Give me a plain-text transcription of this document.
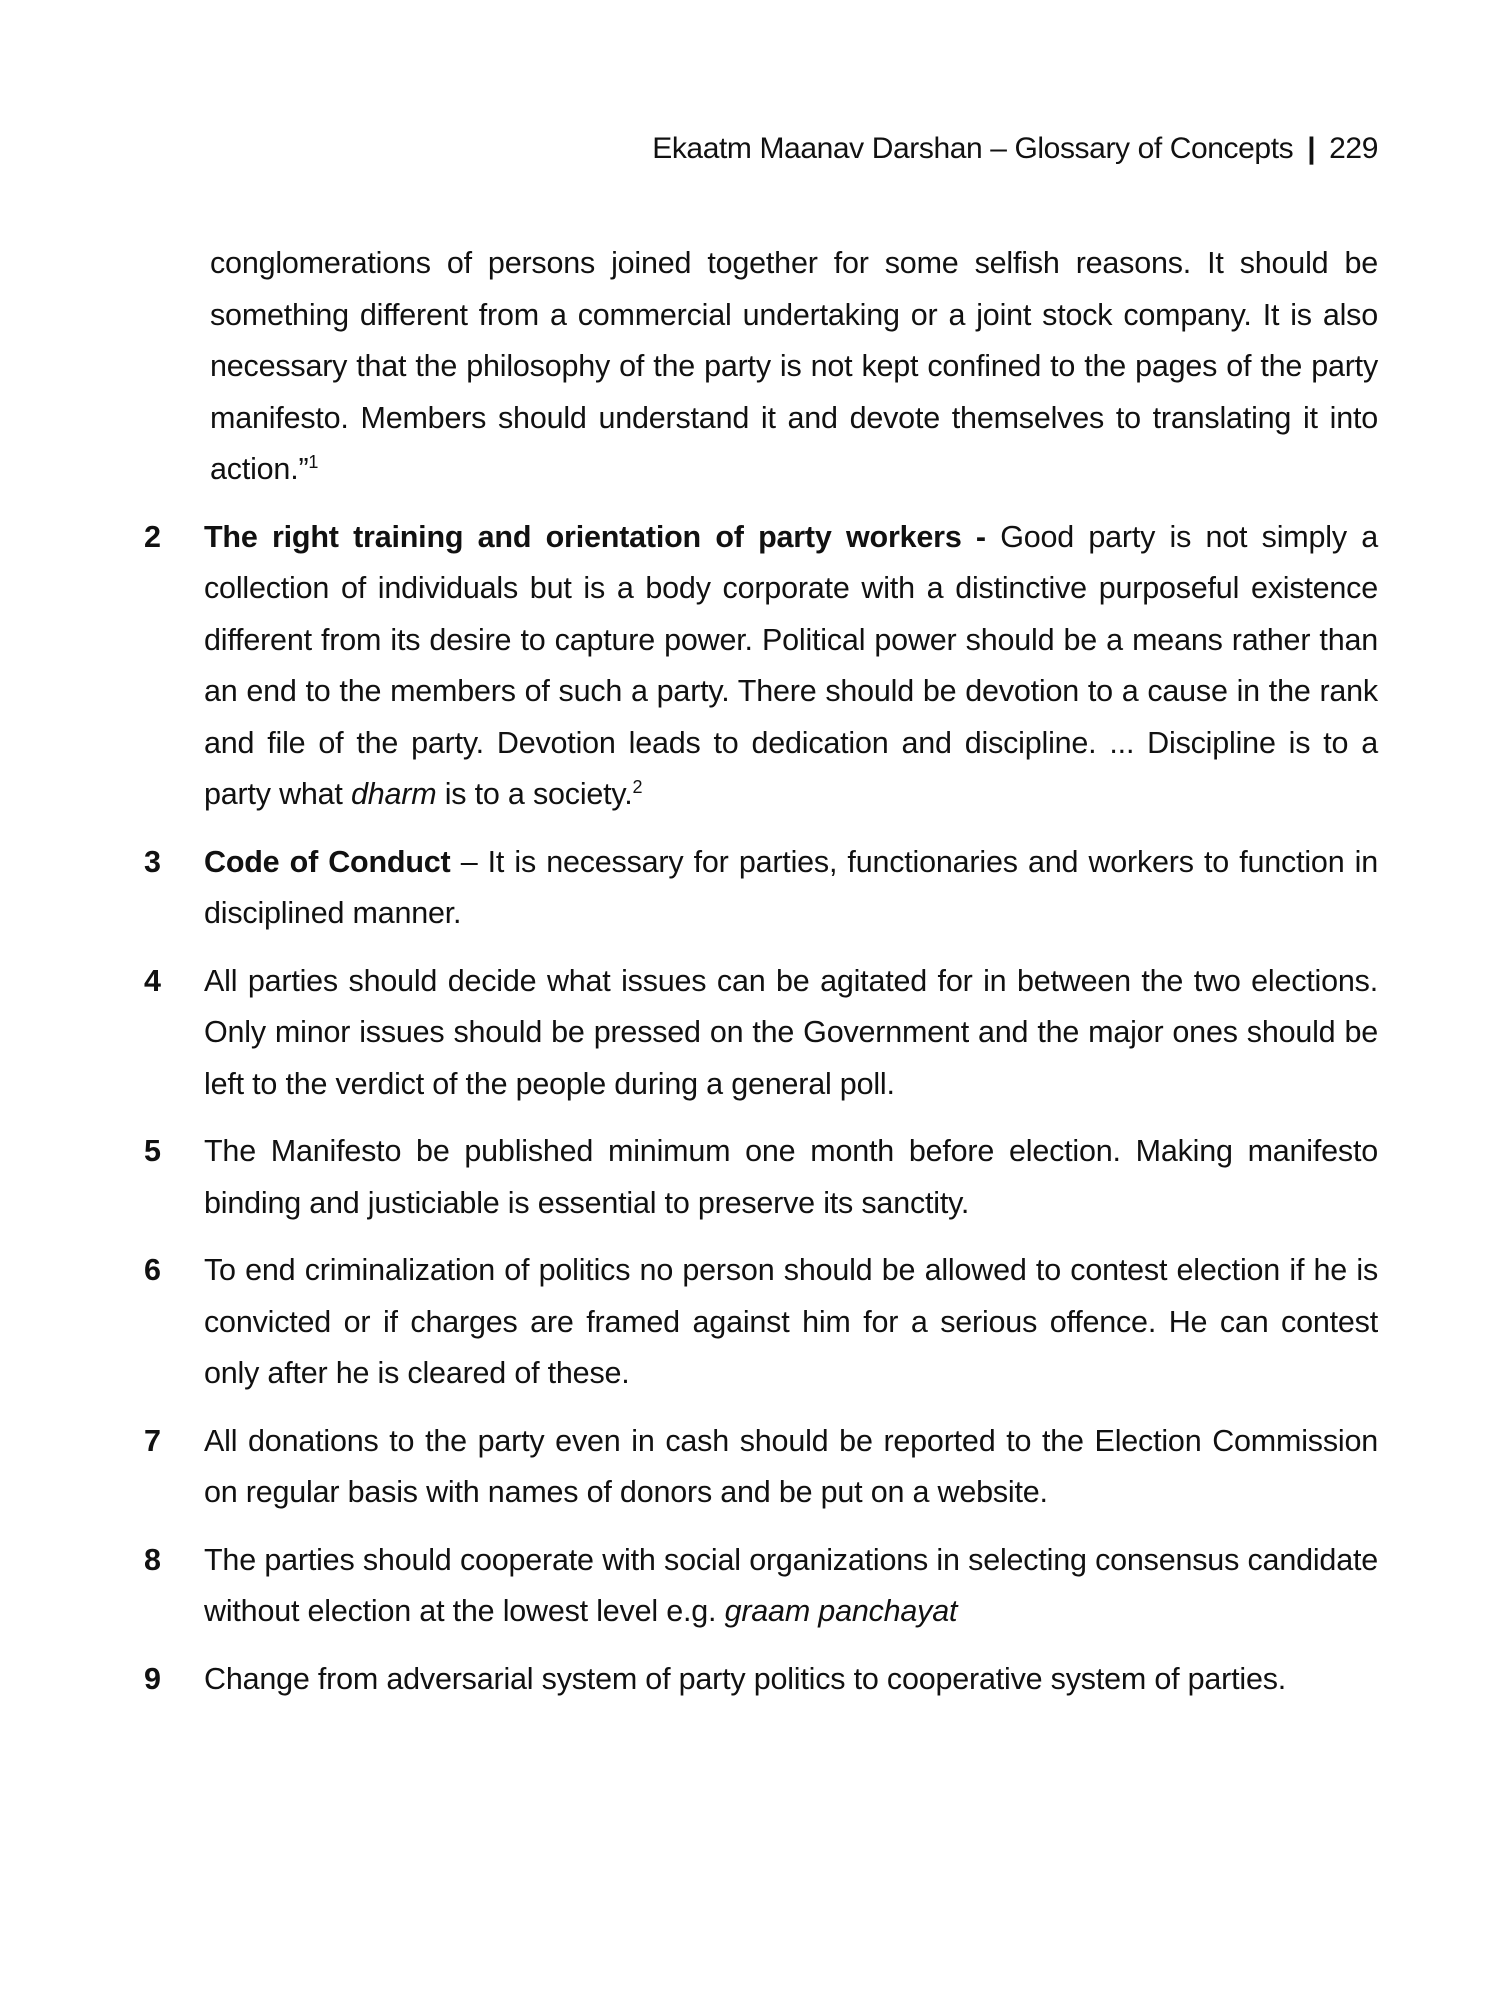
Ekaatm Maanav Darshan – Glossary of Concepts | 229
conglomerations of persons joined together for some selfish reasons. It should be something different from a commercial undertaking or a joint stock company. It is also necessary that the philosophy of the party is not kept confined to the pages of the party manifesto. Members should understand it and devote themselves to translating it into action.”$^1$
2	The right training and orientation of party workers - Good party is not simply a collection of individuals but is a body corporate with a distinctive purposeful existence different from its desire to capture power. Political power should be a means rather than an end to the members of such a party. There should be devotion to a cause in the rank and file of the party. Devotion leads to dedication and discipline. ... Discipline is to a party what dharm is to a society.$^2$
3	Code of Conduct – It is necessary for parties, functionaries and workers to function in disciplined manner.
4	All parties should decide what issues can be agitated for in between the two elections. Only minor issues should be pressed on the Government and the major ones should be left to the verdict of the people during a general poll.
5	The Manifesto be published minimum one month before election. Making manifesto binding and justiciable is essential to preserve its sanctity.
6	To end criminalization of politics no person should be allowed to contest election if he is convicted or if charges are framed against him for a serious offence. He can contest only after he is cleared of these.
7	All donations to the party even in cash should be reported to the Election Commission on regular basis with names of donors and be put on a website.
8	The parties should cooperate with social organizations in selecting consensus candidate without election at the lowest level e.g. graam panchayat
9	Change from adversarial system of party politics to cooperative system of parties.
